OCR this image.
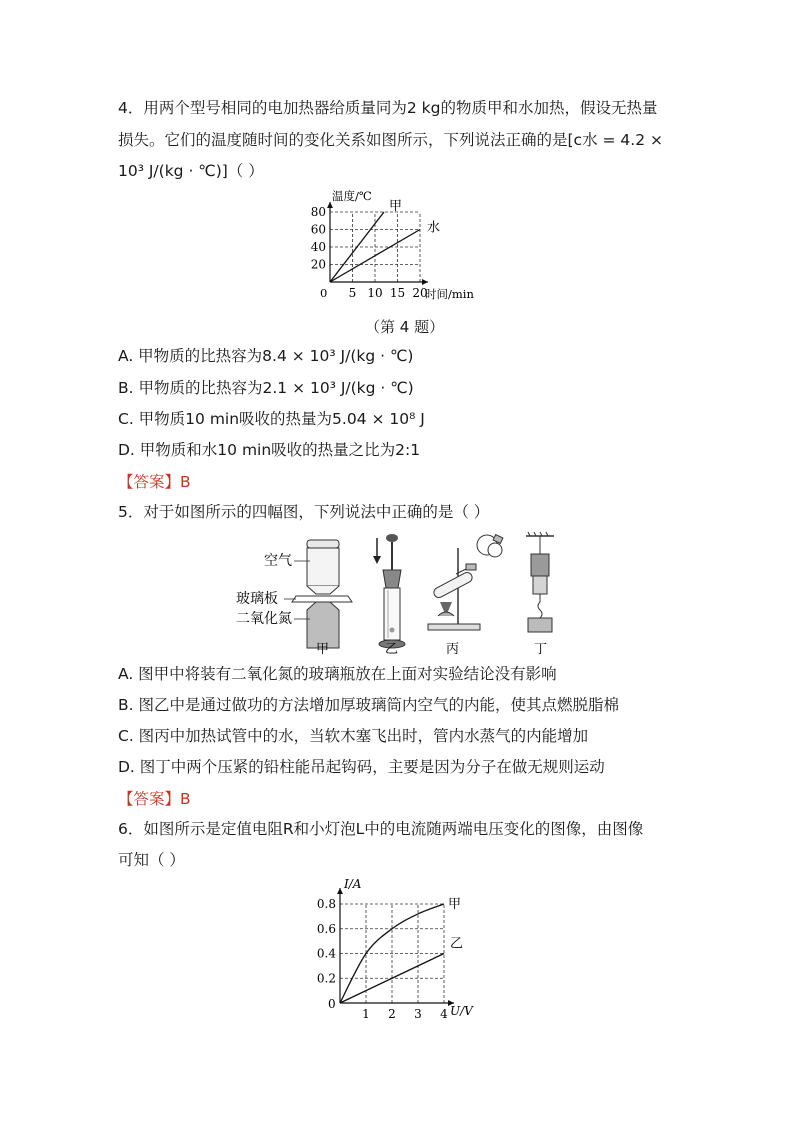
4．用两个型号相同的电加热器给质量同为2 kg的物质甲和水加热，假设无热量
损失。它们的温度随时间的变化关系如图所示，下列说法正确的是[c水 = 4.2 ×
10³ J/(kg · ℃)]（ ）
甲
水
5 10 15 20
20
40
60
80
温度/℃
时间/min
0
（第 4 题）
A. 甲物质的比热容为8.4 × 10³ J/(kg · ℃)
B. 甲物质的比热容为2.1 × 10³ J/(kg · ℃)
C. 甲物质10 min吸收的热量为5.04 × 10⁸ J
D. 甲物质和水10 min吸收的热量之比为2:1
【答案】B
5．对于如图所示的四幅图，下列说法中正确的是（ ）
空气
玻璃板
二氧化氮
甲	乙	丙	丁
A. 图甲中将装有二氧化氮的玻璃瓶放在上面对实验结论没有影响
B. 图乙中是通过做功的方法增加厚玻璃筒内空气的内能，使其点燃脱脂棉
C. 图丙中加热试管中的水，当软木塞飞出时，管内水蒸气的内能增加
D. 图丁中两个压紧的铅柱能吊起钩码，主要是因为分子在做无规则运动
【答案】B
6．如图所示是定值电阻R和小灯泡L中的电流随两端电压变化的图像，由图像
可知（ ）
甲
乙
1 2 3 4
0.2
0.4
0.6
0.8
I/A
U/V
0
